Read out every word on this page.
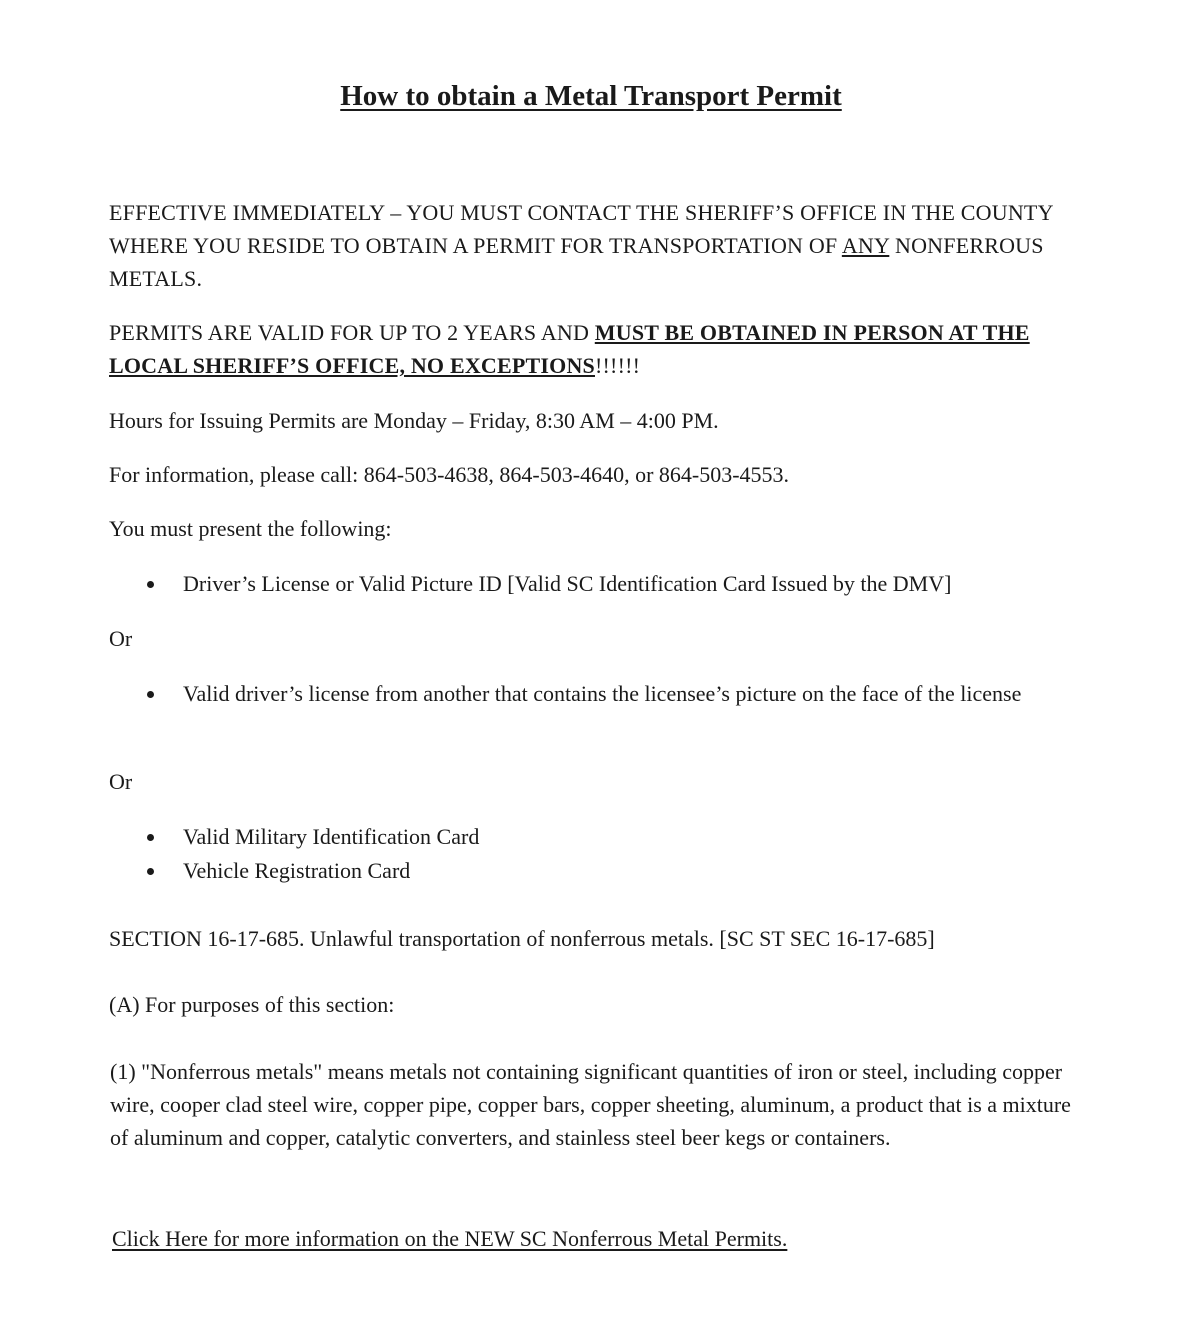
How to obtain a Metal Transport Permit

EFFECTIVE IMMEDIATELY – YOU MUST CONTACT THE SHERIFF’S OFFICE IN THE COUNTY WHERE YOU RESIDE TO OBTAIN A PERMIT FOR TRANSPORTATION OF ANY NONFERROUS METALS.

PERMITS ARE VALID FOR UP TO 2 YEARS AND MUST BE OBTAINED IN PERSON AT THE LOCAL SHERIFF’S OFFICE, NO EXCEPTIONS!!!!!!

Hours for Issuing Permits are Monday – Friday, 8:30 AM – 4:00 PM.

For information, please call: 864-503-4638, 864-503-4640, or 864-503-4553.

You must present the following:

Driver’s License or Valid Picture ID [Valid SC Identification Card Issued by the DMV]

Or

Valid driver’s license from another that contains the licensee’s picture on the face of the license

Or

Valid Military Identification Card
Vehicle Registration Card

SECTION 16-17-685. Unlawful transportation of nonferrous metals. [SC ST SEC 16-17-685]

(A) For purposes of this section:

(1) "Nonferrous metals" means metals not containing significant quantities of iron or steel, including copper wire, cooper clad steel wire, copper pipe, copper bars, copper sheeting, aluminum, a product that is a mixture of aluminum and copper, catalytic converters, and stainless steel beer kegs or containers.

Click Here for more information on the NEW SC Nonferrous Metal Permits.
